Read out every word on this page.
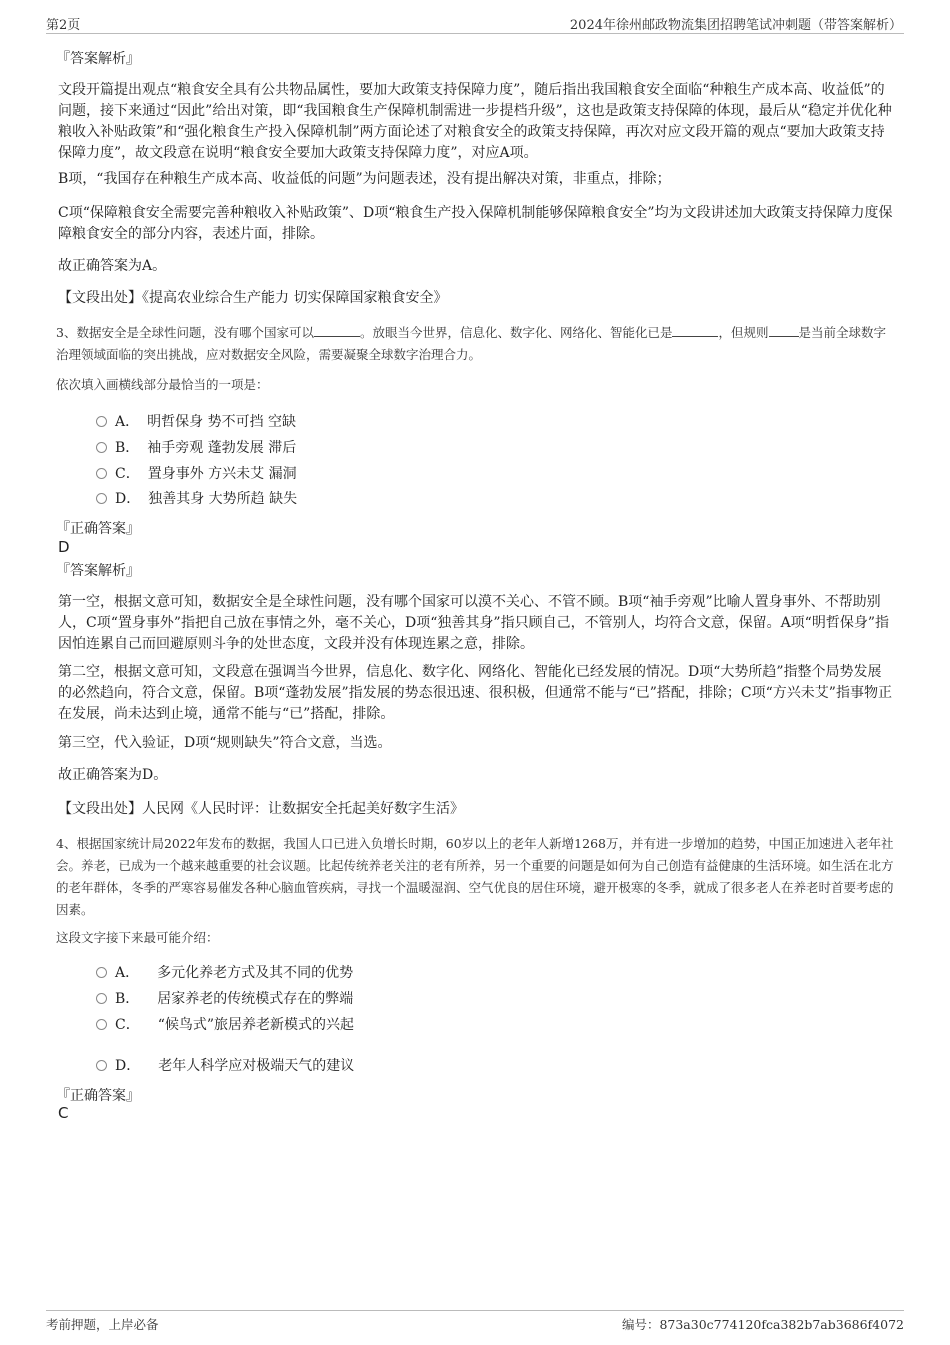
第2页	2024年徐州邮政物流集团招聘笔试冲刺题（带答案解析）
『答案解析』

文段开篇提出观点“粮食安全具有公共物品属性，要加大政策支持保障力度”，随后指出我国粮食安全面临“种粮生产成本高、收益低”的问题，接下来通过“因此”给出对策，即“我国粮食生产保障机制需进一步提档升级”，这也是政策支持保障的体现，最后从“稳定并优化种粮收入补贴政策”和“强化粮食生产投入保障机制”两方面论述了对粮食安全的政策支持保障，再次对应文段开篇的观点“要加大政策支持保障力度”，故文段意在说明“粮食安全要加大政策支持保障力度”，对应A项。

B项，“我国存在种粮生产成本高、收益低的问题”为问题表述，没有提出解决对策，非重点，排除；

C项“保障粮食安全需要完善种粮收入补贴政策”、D项“粮食生产投入保障机制能够保障粮食安全”均为文段讲述加大政策支持保障力度保障粮食安全的部分内容，表述片面，排除。

故正确答案为A。

【文段出处】《提高农业综合生产能力 切实保障国家粮食安全》

3、数据安全是全球性问题，没有哪个国家可以	。放眼当今世界，信息化、数字化、网络化、智能化已是	，但规则 是当前全球数字治理领域面临的突出挑战，应对数据安全风险，需要凝聚全球数字治理合力。

依次填入画横线部分最恰当的一项是：

A． 明哲保身 势不可挡 空缺
B． 袖手旁观 蓬勃发展 滞后
C． 置身事外 方兴未艾 漏洞
D． 独善其身 大势所趋 缺失
『正确答案』
D
『答案解析』

第一空，根据文意可知，数据安全是全球性问题，没有哪个国家可以漠不关心、不管不顾。B项“袖手旁观”比喻人置身事外、不帮助别人，C项“置身事外”指把自己放在事情之外，毫不关心，D项“独善其身”指只顾自己，不管别人，均符合文意，保留。A项“明哲保身”指因怕连累自己而回避原则斗争的处世态度，文段并没有体现连累之意，排除。

第二空，根据文意可知，文段意在强调当今世界，信息化、数字化、网络化、智能化已经发展的情况。D项“大势所趋”指整个局势发展的必然趋向，符合文意，保留。B项“蓬勃发展”指发展的势态很迅速、很积极，但通常不能与“已”搭配，排除；C项“方兴未艾”指事物正在发展，尚未达到止境，通常不能与“已”搭配，排除。

第三空，代入验证，D项“规则缺失”符合文意，当选。

故正确答案为D。

【文段出处】人民网《人民时评：让数据安全托起美好数字生活》

4、根据国家统计局2022年发布的数据，我国人口已进入负增长时期，60岁以上的老年人新增1268万，并有进一步增加的趋势，中国正加速进入老年社会。养老，已成为一个越来越重要的社会议题。比起传统养老关注的老有所养，另一个重要的问题是如何为自己创造有益健康的生活环境。如生活在北方的老年群体，冬季的严寒容易催发各种心脑血管疾病，寻找一个温暖湿润、空气优良的居住环境，避开极寒的冬季，就成了很多老人在养老时首要考虑的因素。

这段文字接下来最可能介绍：

A． 多元化养老方式及其不同的优势
B． 居家养老的传统模式存在的弊端
C． “候鸟式”旅居养老新模式的兴起
D． 老年人科学应对极端天气的建议
『正确答案』
C
考前押题，上岸必备	编号：873a30c774120fca382b7ab3686f4072
